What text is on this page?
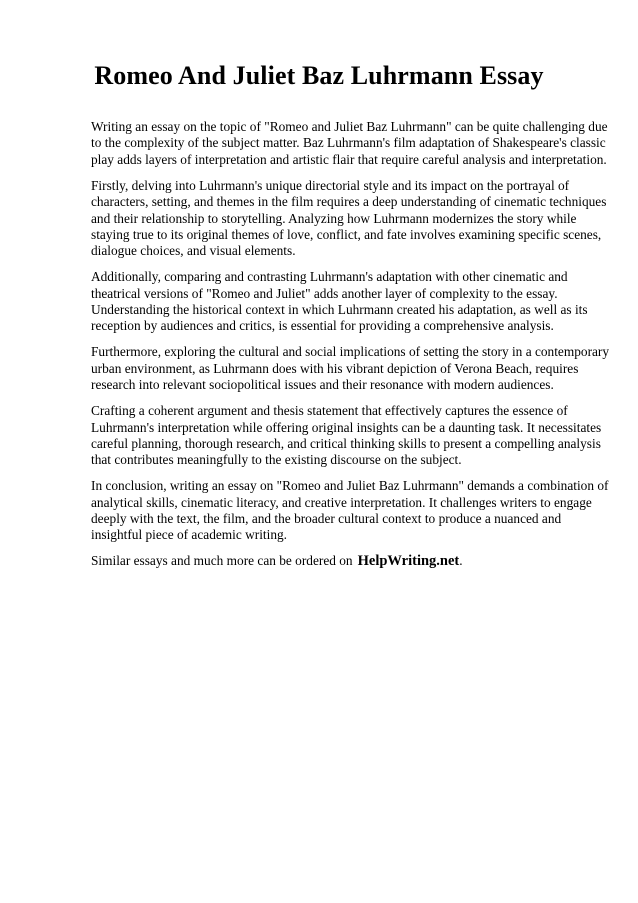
Romeo And Juliet Baz Luhrmann Essay

Writing an essay on the topic of "Romeo and Juliet Baz Luhrmann" can be quite challenging due
to the complexity of the subject matter. Baz Luhrmann's film adaptation of Shakespeare's classic
play adds layers of interpretation and artistic flair that require careful analysis and interpretation.

Firstly, delving into Luhrmann's unique directorial style and its impact on the portrayal of
characters, setting, and themes in the film requires a deep understanding of cinematic techniques
and their relationship to storytelling. Analyzing how Luhrmann modernizes the story while
staying true to its original themes of love, conflict, and fate involves examining specific scenes,
dialogue choices, and visual elements.

Additionally, comparing and contrasting Luhrmann's adaptation with other cinematic and
theatrical versions of "Romeo and Juliet" adds another layer of complexity to the essay.
Understanding the historical context in which Luhrmann created his adaptation, as well as its
reception by audiences and critics, is essential for providing a comprehensive analysis.

Furthermore, exploring the cultural and social implications of setting the story in a contemporary
urban environment, as Luhrmann does with his vibrant depiction of Verona Beach, requires
research into relevant sociopolitical issues and their resonance with modern audiences.

Crafting a coherent argument and thesis statement that effectively captures the essence of
Luhrmann's interpretation while offering original insights can be a daunting task. It necessitates
careful planning, thorough research, and critical thinking skills to present a compelling analysis
that contributes meaningfully to the existing discourse on the subject.

In conclusion, writing an essay on "Romeo and Juliet Baz Luhrmann" demands a combination of
analytical skills, cinematic literacy, and creative interpretation. It challenges writers to engage
deeply with the text, the film, and the broader cultural context to produce a nuanced and
insightful piece of academic writing.

Similar essays and much more can be ordered on HelpWriting.net.
